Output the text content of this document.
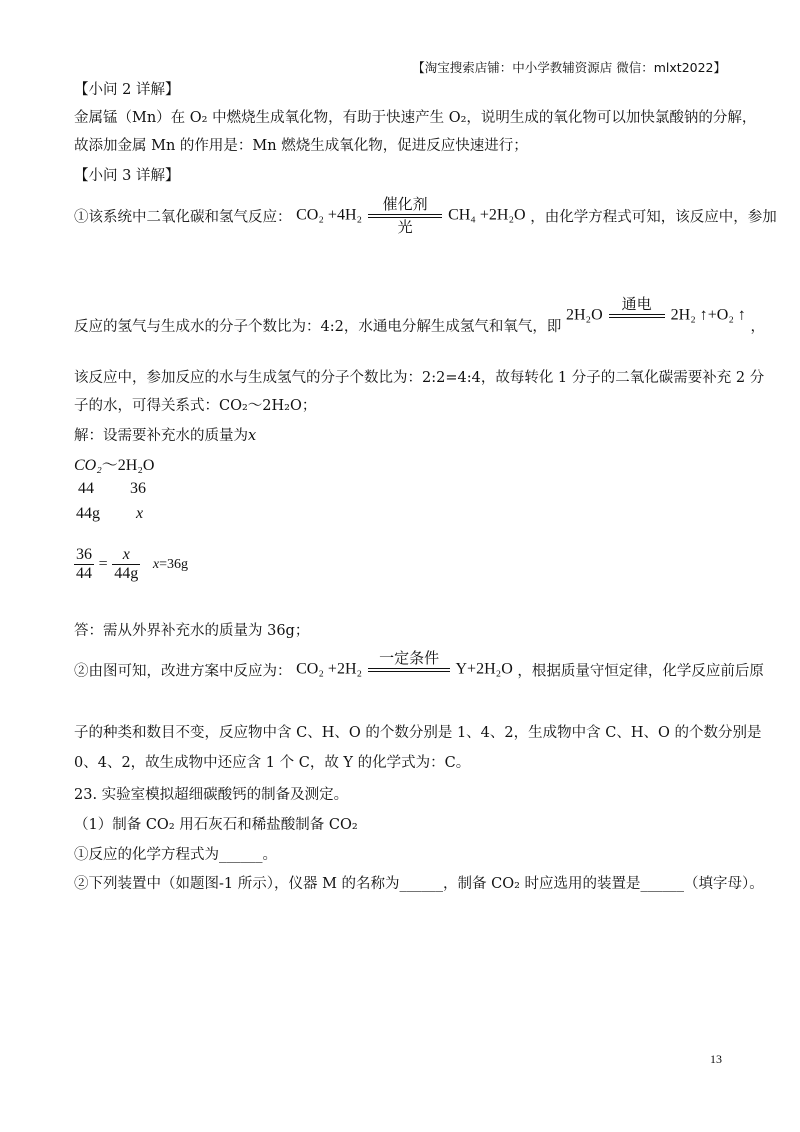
【淘宝搜索店铺：中小学教辅资源店 微信：mlxt2022】
【小问 2 详解】
金属锰（Mn）在 O₂ 中燃烧生成氧化物，有助于快速产生 O₂，说明生成的氧化物可以加快氯酸钠的分解，
故添加金属 Mn 的作用是：Mn 燃烧生成氧化物，促进反应快速进行；
【小问 3 详解】
①该系统中二氧化碳和氢气反应： CO₂ +4H₂
催化剂
光
CH₄ +2H₂O ，由化学方程式可知，该反应中，参加
反应的氢气与生成水的分子个数比为：4:2，水通电分解生成氢气和氧气，即 2H₂O
通电
2H₂ ↑+O₂ ↑ ，
该反应中，参加反应的水与生成氢气的分子个数比为：2:2=4:4，故每转化 1 分子的二氧化碳需要补充 2 分
子的水，可得关系式：CO₂～2H₂O；
解：设需要补充水的质量为x
CO₂～2H₂O
44 36
44g x
$\frac{36}{44} = \frac{x}{44g} x=36g$
答：需从外界补充水的质量为 36g；
②由图可知，改进方案中反应为： CO₂ +2H₂
一定条件
Y+2H₂O ，根据质量守恒定律，化学反应前后原
子的种类和数目不变，反应物中含 C、H、O 的个数分别是 1、4、2，生成物中含 C、H、O 的个数分别是
0、4、2，故生成物中还应含 1 个 C，故 Y 的化学式为：C。
23. 实验室模拟超细碳酸钙的制备及测定。
（1）制备 CO₂ 用石灰石和稀盐酸制备 CO₂
①反应的化学方程式为______。
②下列装置中（如题图-1 所示），仪器 M 的名称为______，制备 CO₂ 时应选用的装置是______（填字母）。
13
